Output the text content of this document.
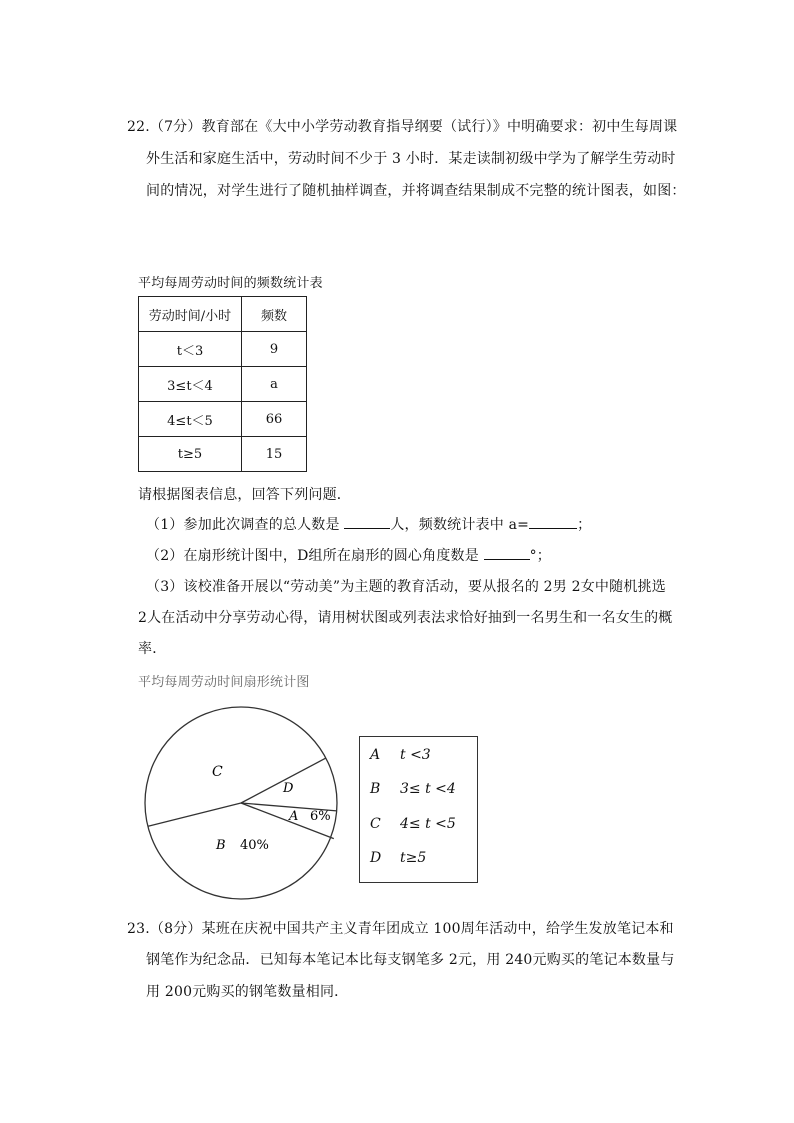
22.（7分）教育部在《大中小学劳动教育指导纲要（试行）》中明确要求：初中生每周课
外生活和家庭生活中，劳动时间不少于 3 小时．某走读制初级中学为了解学生劳动时
间的情况，对学生进行了随机抽样调查，并将调查结果制成不完整的统计图表，如图：
平均每周劳动时间的频数统计表
劳动时间/小时	频数
t＜3	9
3≤t＜4	a
4≤t＜5	66
t≥5	15
请根据图表信息，回答下列问题．
（1）参加此次调查的总人数是	人，频数统计表中 a=	；
（2）在扇形统计图中，D组所在扇形的圆心角度数是	°；
（3）该校准备开展以“劳动美”为主题的教育活动，要从报名的 2男 2女中随机挑选
2人在活动中分享劳动心得，请用树状图或列表法求恰好抽到一名男生和一名女生的概
率．
平均每周劳动时间扇形统计图
C
D
A 6%
B 40%
A t <3
B 3≤ t <4
C 4≤ t <5
D t≥5
23.（8分）某班在庆祝中国共产主义青年团成立 100周年活动中，给学生发放笔记本和
钢笔作为纪念品．已知每本笔记本比每支钢笔多 2元，用 240元购买的笔记本数量与
用 200元购买的钢笔数量相同．
